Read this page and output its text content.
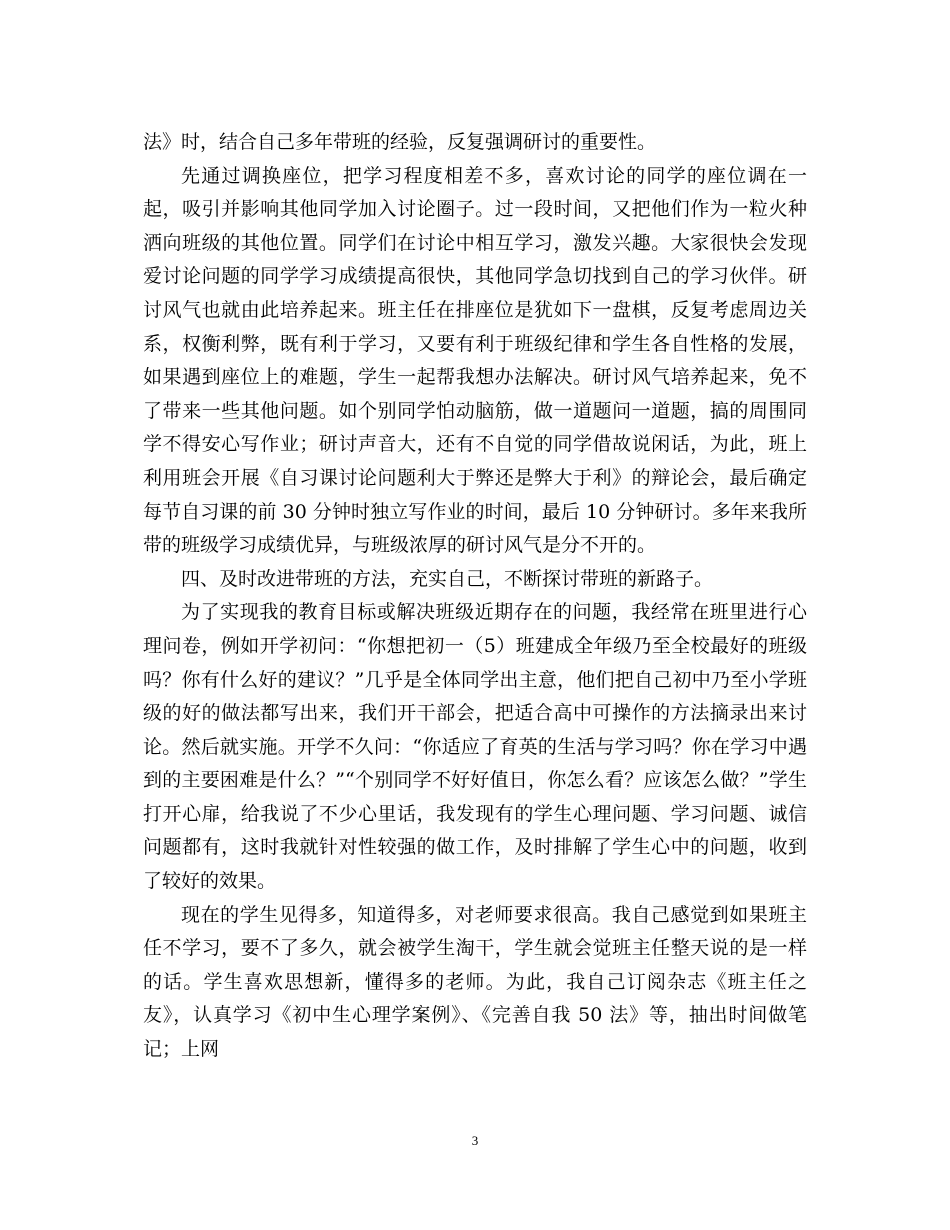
法》时，结合自己多年带班的经验，反复强调研讨的重要性。

先通过调换座位，把学习程度相差不多，喜欢讨论的同学的座位调在一起，吸引并影响其他同学加入讨论圈子。过一段时间，又把他们作为一粒火种洒向班级的其他位置。同学们在讨论中相互学习，激发兴趣。大家很快会发现爱讨论问题的同学学习成绩提高很快，其他同学急切找到自己的学习伙伴。研讨风气也就由此培养起来。班主任在排座位是犹如下一盘棋，反复考虑周边关系，权衡利弊，既有利于学习，又要有利于班级纪律和学生各自性格的发展，如果遇到座位上的难题，学生一起帮我想办法解决。研讨风气培养起来，免不了带来一些其他问题。如个别同学怕动脑筋，做一道题问一道题，搞的周围同学不得安心写作业；研讨声音大，还有不自觉的同学借故说闲话，为此，班上利用班会开展《自习课讨论问题利大于弊还是弊大于利》的辩论会，最后确定每节自习课的前 30 分钟时独立写作业的时间，最后 10 分钟研讨。多年来我所带的班级学习成绩优异，与班级浓厚的研讨风气是分不开的。

四、及时改进带班的方法，充实自己，不断探讨带班的新路子。

为了实现我的教育目标或解决班级近期存在的问题，我经常在班里进行心理问卷，例如开学初问：“你想把初一（5）班建成全年级乃至全校最好的班级吗？你有什么好的建议？”几乎是全体同学出主意，他们把自己初中乃至小学班级的好的做法都写出来，我们开干部会，把适合高中可操作的方法摘录出来讨论。然后就实施。开学不久问：“你适应了育英的生活与学习吗？你在学习中遇到的主要困难是什么？”“个别同学不好好值日，你怎么看？应该怎么做？”学生打开心扉，给我说了不少心里话，我发现有的学生心理问题、学习问题、诚信问题都有，这时我就针对性较强的做工作，及时排解了学生心中的问题，收到了较好的效果。

现在的学生见得多，知道得多，对老师要求很高。我自己感觉到如果班主任不学习，要不了多久，就会被学生淘干，学生就会觉班主任整天说的是一样的话。学生喜欢思想新，懂得多的老师。为此，我自己订阅杂志《班主任之友》，认真学习《初中生心理学案例》、《完善自我 50 法》等，抽出时间做笔记；上网

3
